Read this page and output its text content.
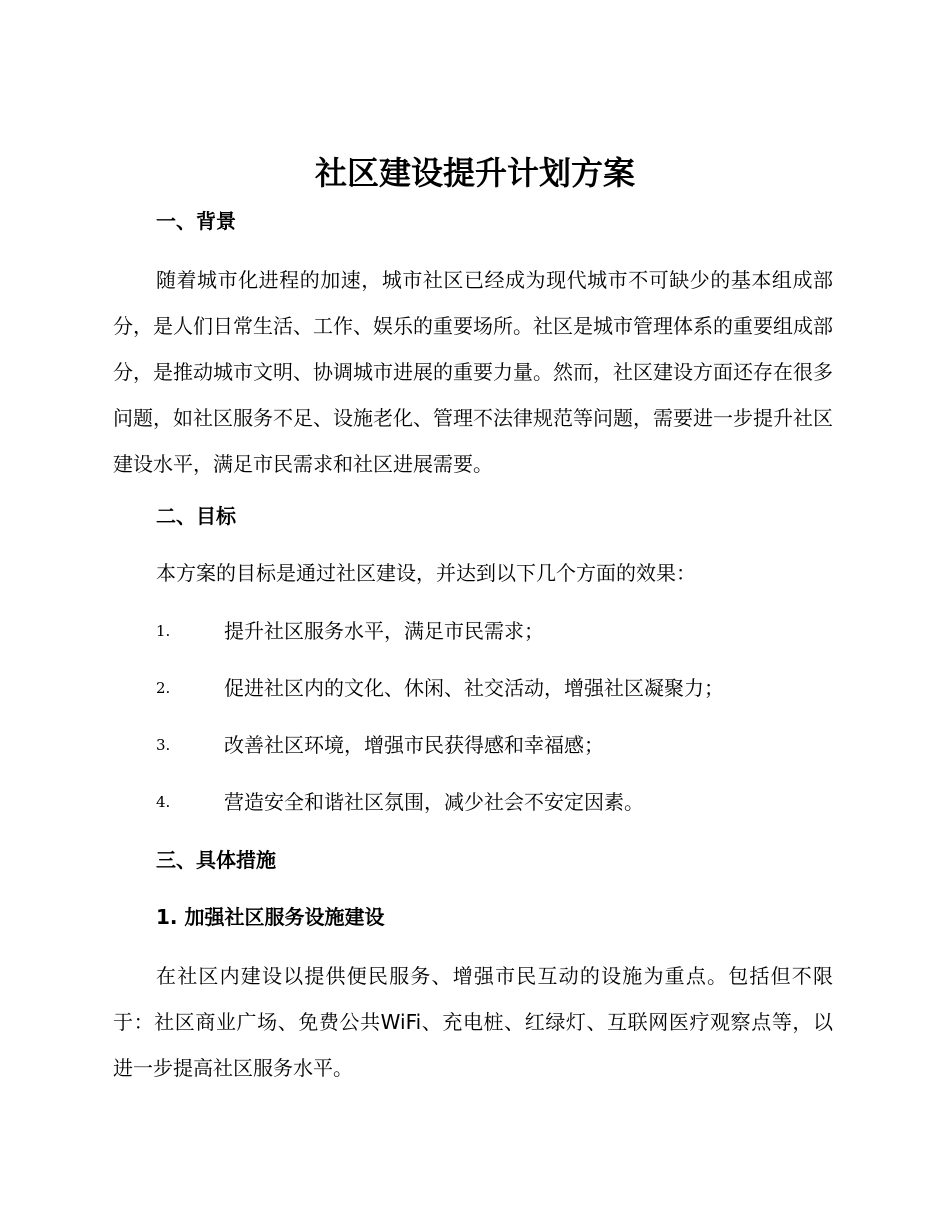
社区建设提升计划方案
一、背景

随着城市化进程的加速，城市社区已经成为现代城市不可缺少的基本组成部分，是人们日常生活、工作、娱乐的重要场所。社区是城市管理体系的重要组成部分，是推动城市文明、协调城市进展的重要力量。然而，社区建设方面还存在很多问题，如社区服务不足、设施老化、管理不法律规范等问题，需要进一步提升社区建设水平，满足市民需求和社区进展需要。

二、目标
本方案的目标是通过社区建设，并达到以下几个方面的效果：
1.	提升社区服务水平，满足市民需求；
2.	促进社区内的文化、休闲、社交活动，增强社区凝聚力；
3.	改善社区环境，增强市民获得感和幸福感；
4.	营造安全和谐社区氛围，减少社会不安定因素。
三、具体措施
1. 加强社区服务设施建设

在社区内建设以提供便民服务、增强市民互动的设施为重点。包括但不限于：社区商业广场、免费公共WiFi、充电桩、红绿灯、互联网医疗观察点等，以进一步提高社区服务水平。
